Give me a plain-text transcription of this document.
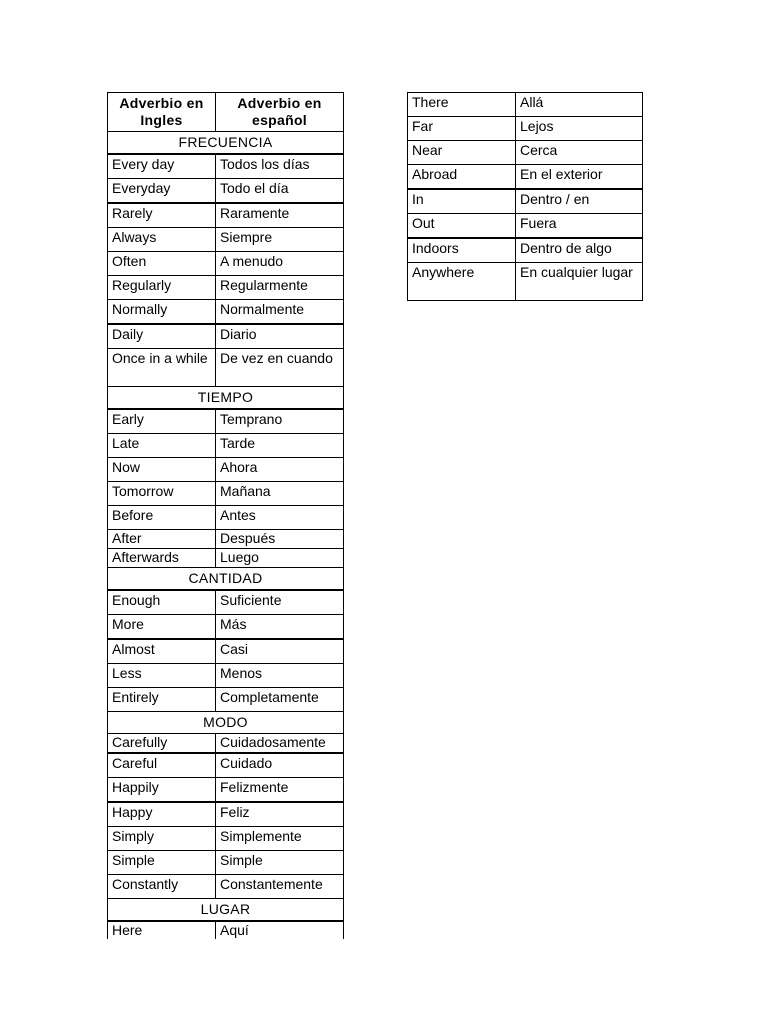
Adverbio en Ingles	Adverbio en español
FRECUENCIA	
Every day	Todos los días
Everyday	Todo el día
Rarely	Raramente
Always	Siempre
Often	A menudo
Regularly	Regularmente
Normally	Normalmente
Daily	Diario
Once in a while	De vez en cuando
TIEMPO	
Early	Temprano
Late	Tarde
Now	Ahora
Tomorrow	Mañana
Before	Antes
After	Después
Afterwards	Luego
CANTIDAD	
Enough	Suficiente
More	Más
Almost	Casi
Less	Menos
Entirely	Completamente
MODO	
Carefully	Cuidadosamente
Careful	Cuidado
Happily	Felizmente
Happy	Feliz
Simply	Simplemente
Simple	Simple
Constantly	Constantemente
LUGAR	
Here	Aquí
There	Allá
Far	Lejos
Near	Cerca
Abroad	En el exterior
In	Dentro / en
Out	Fuera
Indoors	Dentro de algo
Anywhere	En cualquier lugar
